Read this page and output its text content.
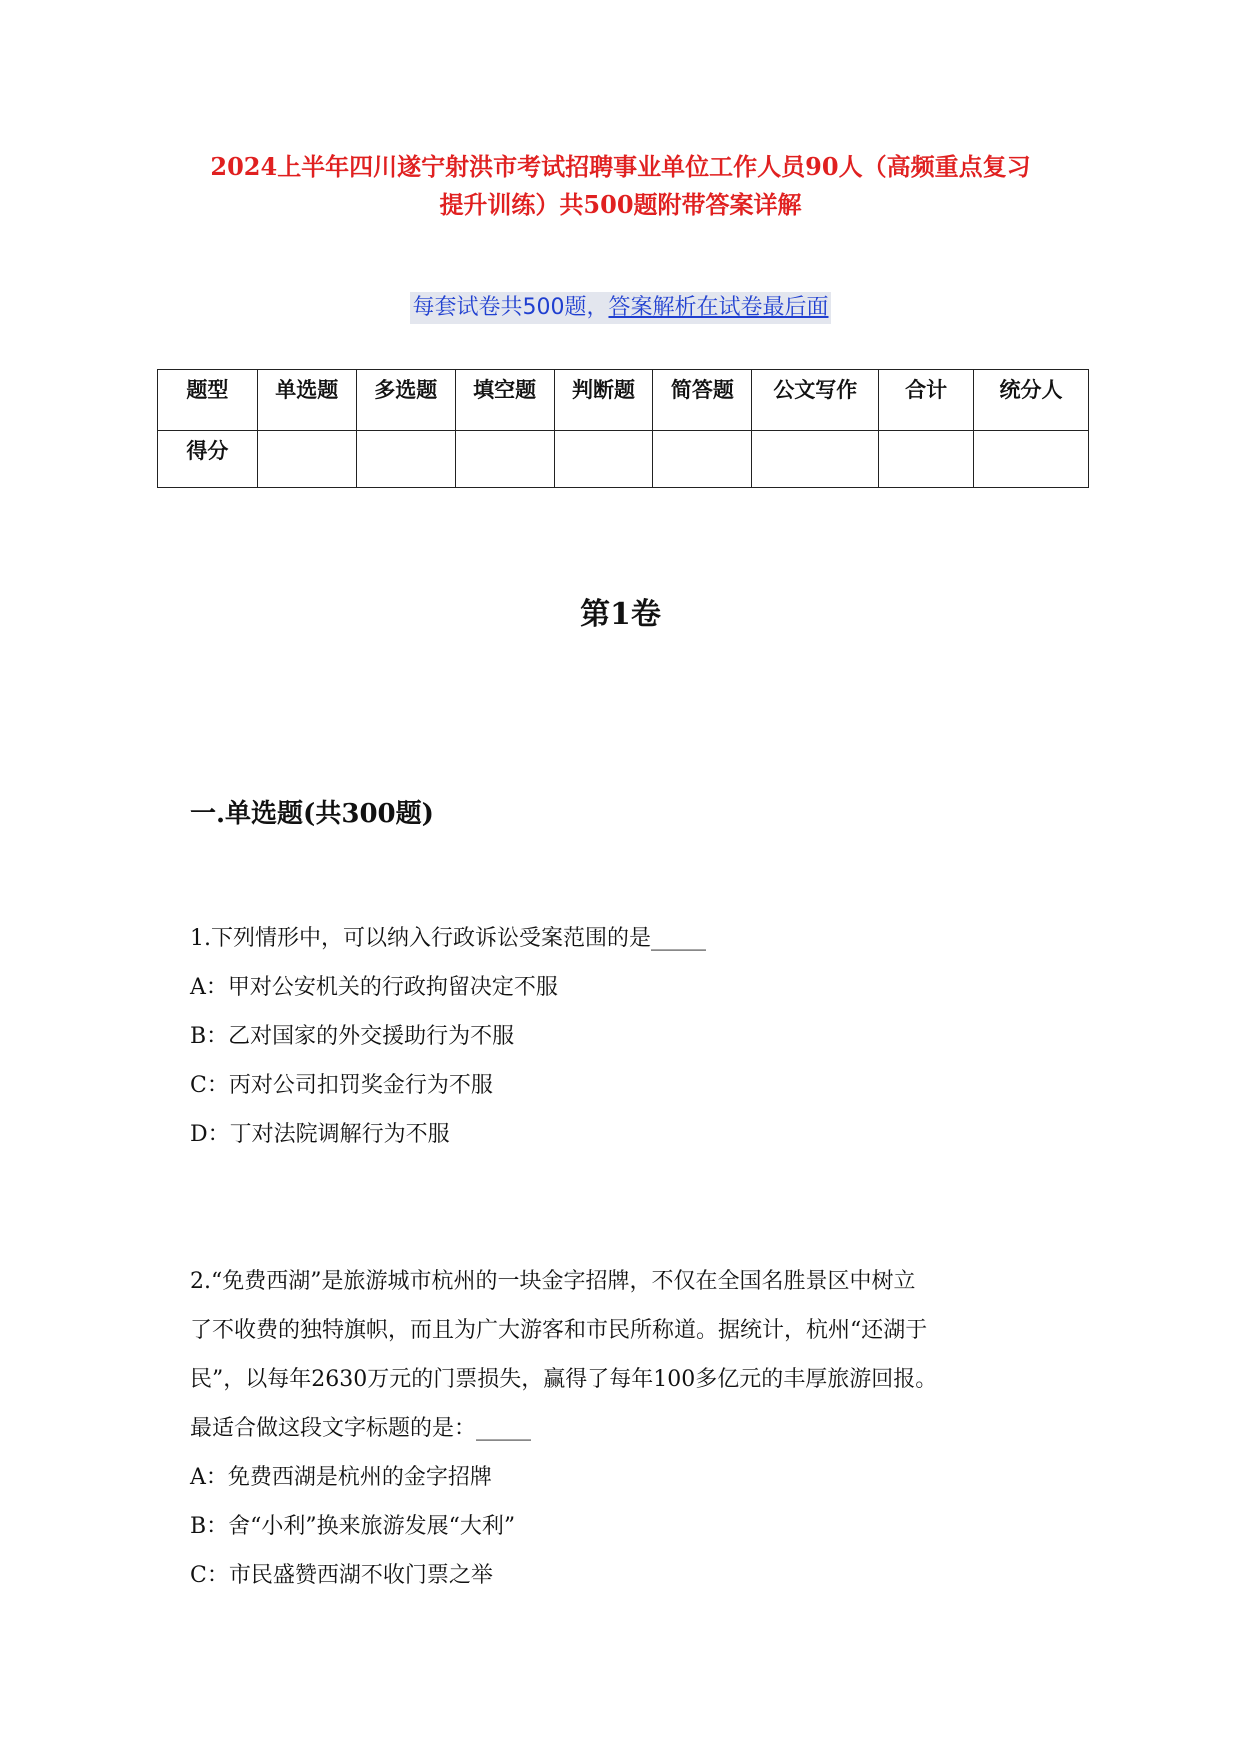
2024上半年四川遂宁射洪市考试招聘事业单位工作人员90人（高频重点复习
提升训练）共500题附带答案详解
每套试卷共500题，答案解析在试卷最后面
题型	单选题	多选题	填空题	判断题	简答题	公文写作	合计	统分人
得分								
第1卷
一.单选题(共300题)

1.下列情形中，可以纳入行政诉讼受案范围的是_____

A：甲对公安机关的行政拘留决定不服

B：乙对国家的外交援助行为不服

C：丙对公司扣罚奖金行为不服

D：丁对法院调解行为不服

2.“免费西湖”是旅游城市杭州的一块金字招牌，不仅在全国名胜景区中树立

了不收费的独特旗帜，而且为广大游客和市民所称道。据统计，杭州“还湖于

民”，以每年2630万元的门票损失，赢得了每年100多亿元的丰厚旅游回报。

最适合做这段文字标题的是：_____

A：免费西湖是杭州的金字招牌

B：舍“小利”换来旅游发展“大利”

C：市民盛赞西湖不收门票之举
